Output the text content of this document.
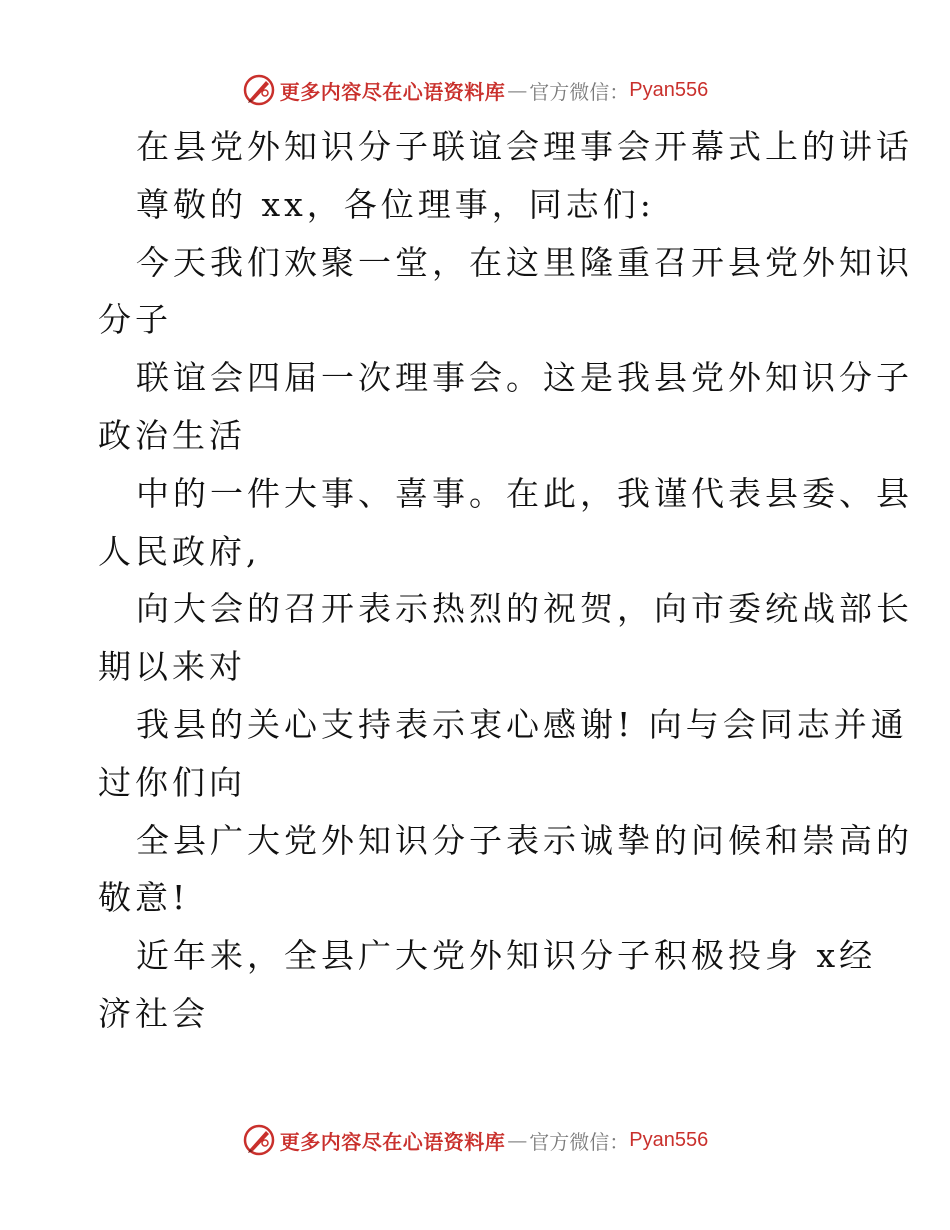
更多内容尽在心语资料库 — 官方微信： Pyan556
在县党外知识分子联谊会理事会开幕式上的讲话
尊敬的 xx，各位理事，同志们:
今天我们欢聚一堂，在这里隆重召开县党外知识
分子
联谊会四届一次理事会。这是我县党外知识分子
政治生活
中的一件大事、喜事。在此，我谨代表县委、县
人民政府,
向大会的召开表示热烈的祝贺，向市委统战部长
期以来对
我县的关心支持表示衷心感谢! 向与会同志并通
过你们向
全县广大党外知识分子表示诚挚的问候和崇高的
敬意!
近年来，全县广大党外知识分子积极投身 x经
济社会
更多内容尽在心语资料库 — 官方微信： Pyan556
